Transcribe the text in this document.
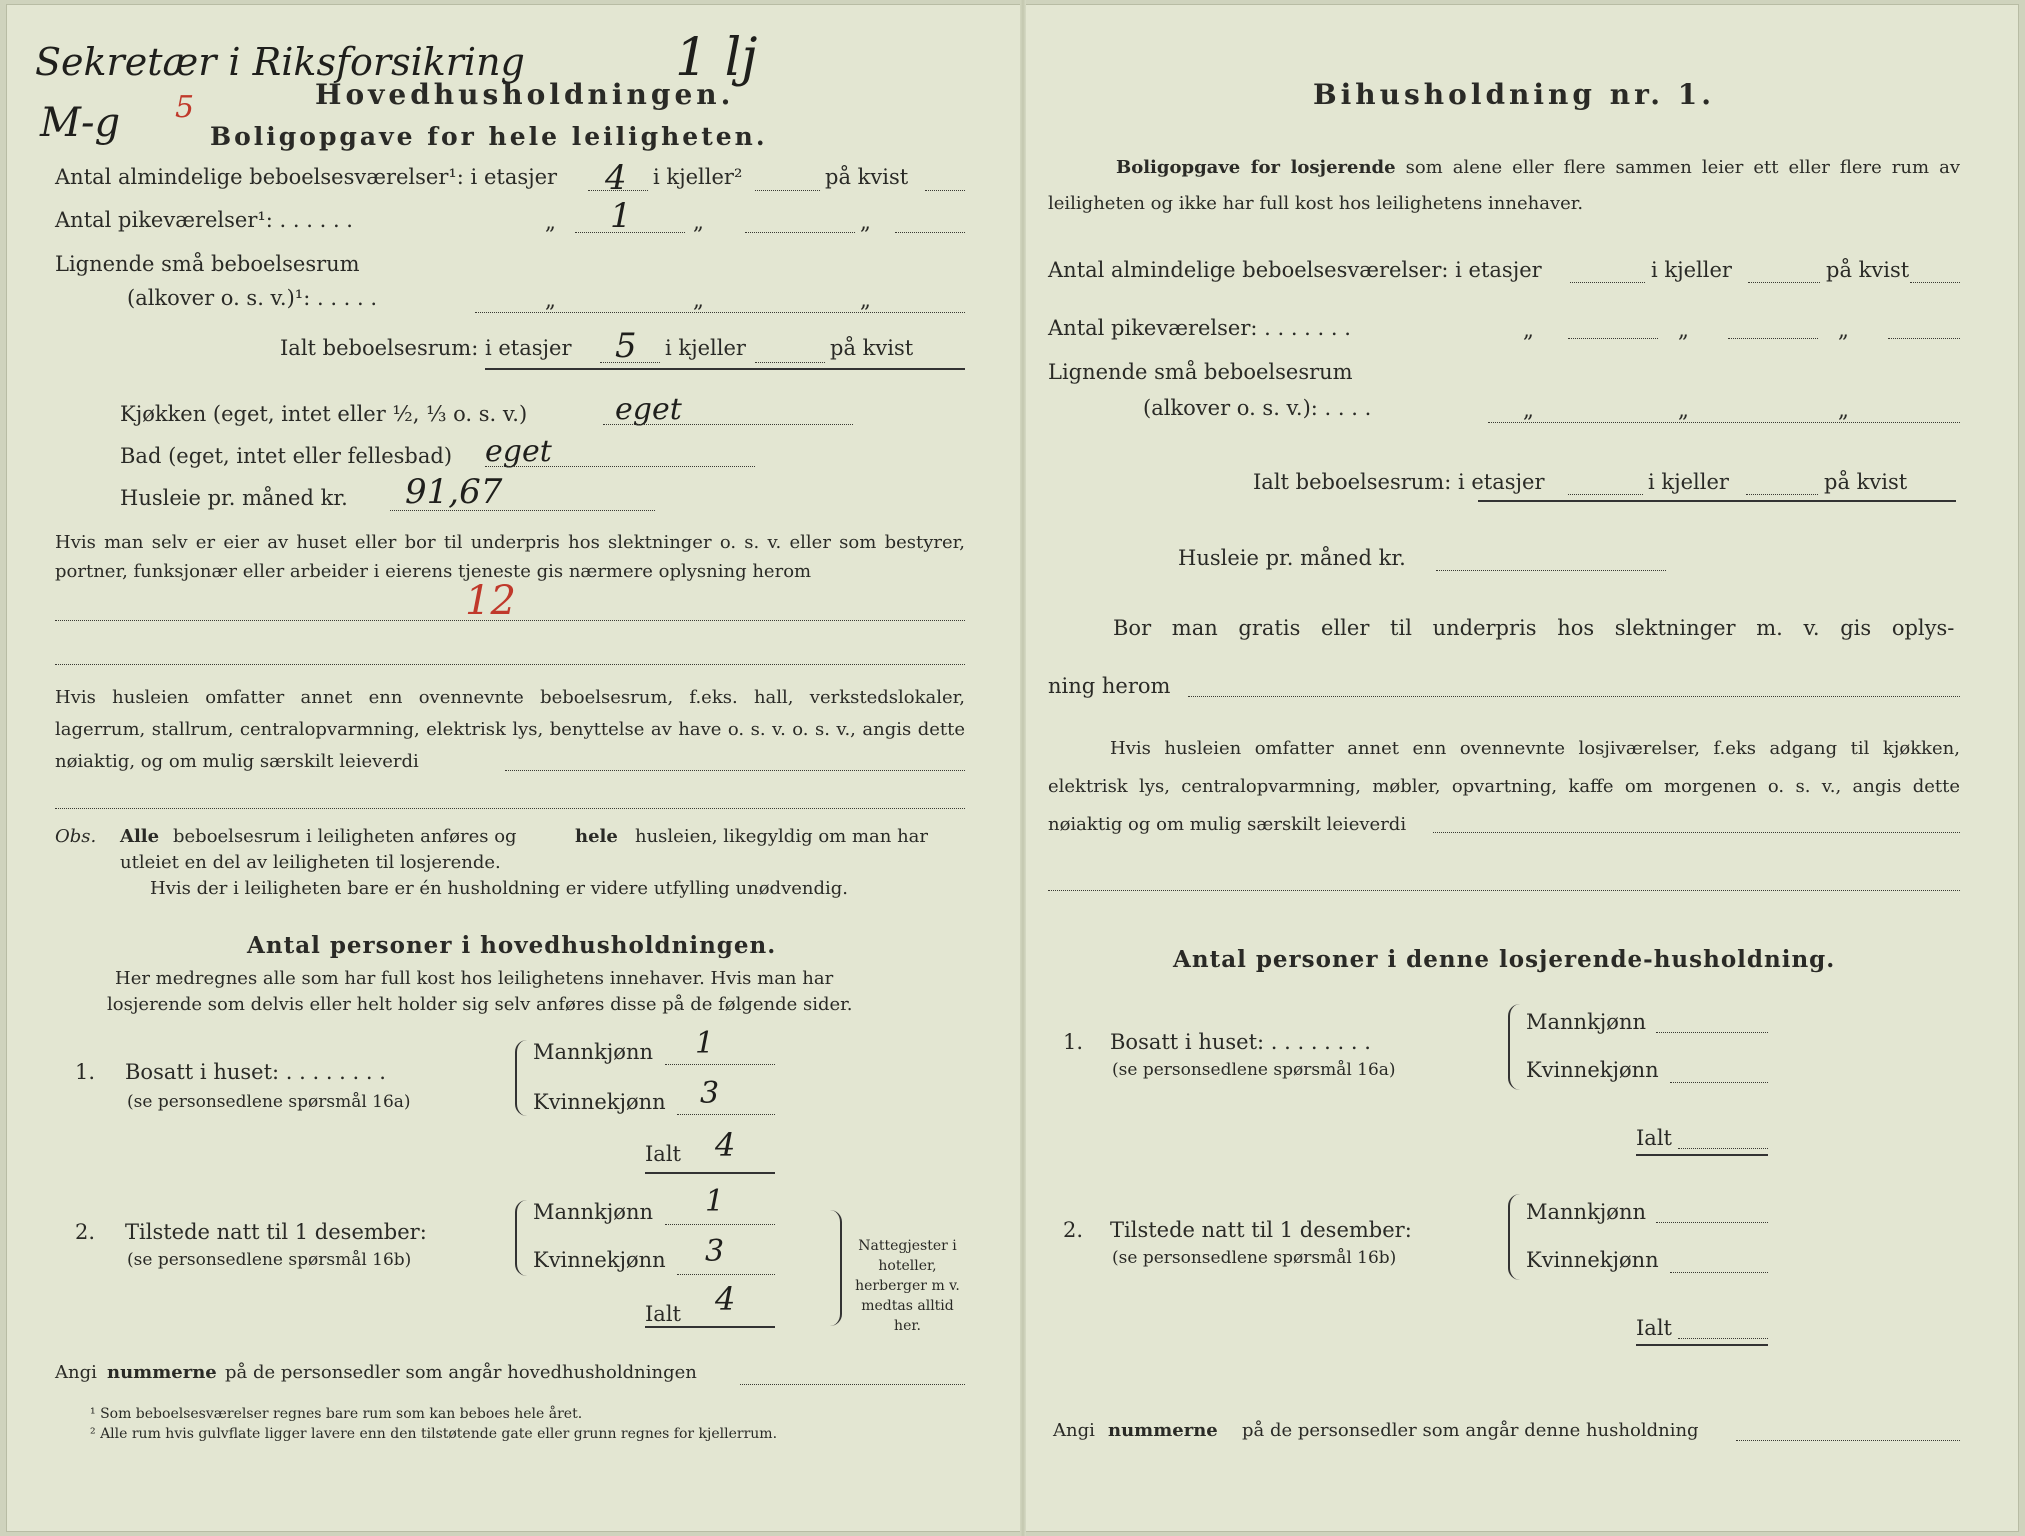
Sekretær i Riksforsikring
M-g 5
1 lj
Hovedhusholdningen.
Boligopgave for hele leiligheten.
Antal almindelige beboelsesværelser¹: i etasjer 4 i kjeller²	på kvist
Antal pikeværelser¹: . . . . . .	„ 1	„	„
Lignende små beboelsesrum
(alkover o. s. v.)¹: . . . . .	„	„	„
Ialt beboelsesrum: i etasjer 5 i kjeller	på kvist
Kjøkken (eget, intet eller ½, ⅓ o. s. v.)	eget
Bad (eget, intet eller fellesbad) eget
Husleie pr. måned kr. 91,67
Hvis man selv er eier av huset eller bor til underpris hos slektninger o. s. v. eller som bestyrer, portner, funksjonær eller arbeider i eierens tjeneste gis nærmere oplysning herom
12
Hvis husleien omfatter annet enn ovennevnte beboelsesrum, f.eks. hall, verkstedslokaler, lagerrum, stallrum, centralopvarmning, elektrisk lys, benyttelse av have o. s. v. o. s. v., angis dette nøiaktig, og om mulig særskilt leieverdi
Obs. Alle beboelsesrum i leiligheten anføres og	hele husleien, likegyldig om man har
utleiet en del av leiligheten til losjerende.
Hvis der i leiligheten bare er én husholdning er videre utfylling unødvendig.
Antal personer i hovedhusholdningen.
Her medregnes alle som har full kost hos leilighetens innehaver. Hvis man har
losjerende som delvis eller helt holder sig selv anføres disse på de følgende sider.
1. Bosatt i huset: . . . . . . . .
(se personsedlene spørsmål 16a)
Mannkjønn 1
Kvinnekjønn 3
Ialt 4
2. Tilstede natt til 1 desember:
(se personsedlene spørsmål 16b)
Mannkjønn 1
Kvinnekjønn 3
Ialt 4
Nattegjester i hoteller, herberger m v. medtas alltid her.
Angi nummerne på de personsedler som angår hovedhusholdningen
¹ Som beboelsesværelser regnes bare rum som kan beboes hele året.
² Alle rum hvis gulvflate ligger lavere enn den tilstøtende gate eller grunn regnes for kjellerrum.
Bihusholdning nr. 1.
Boligopgave for losjerende som alene eller flere sammen leier ett eller flere rum av leiligheten og ikke har full kost hos leilighetens innehaver.
Antal almindelige beboelsesværelser: i etasjer	i kjeller	på kvist
Antal pikeværelser: . . . . . . .	„	„	„
Lignende små beboelsesrum
(alkover o. s. v.): . . . .	„	„	„
Ialt beboelsesrum: i etasjer	i kjeller	på kvist
Husleie pr. måned kr.
Bor man gratis eller til underpris hos slektninger m. v. gis oplys-
ning herom
Hvis husleien omfatter annet enn ovennevnte losjiværelser, f.eks adgang til kjøkken, elektrisk lys, centralopvarmning, møbler, opvartning, kaffe om morgenen o. s. v., angis dette nøiaktig og om mulig særskilt leieverdi
Antal personer i denne losjerende-husholdning.
1. Bosatt i huset: . . . . . . . .
(se personsedlene spørsmål 16a)
Mannkjønn
Kvinnekjønn
Ialt
2. Tilstede natt til 1 desember:
(se personsedlene spørsmål 16b)
Mannkjønn
Kvinnekjønn
Ialt
Angi nummerne på de personsedler som angår denne husholdning
